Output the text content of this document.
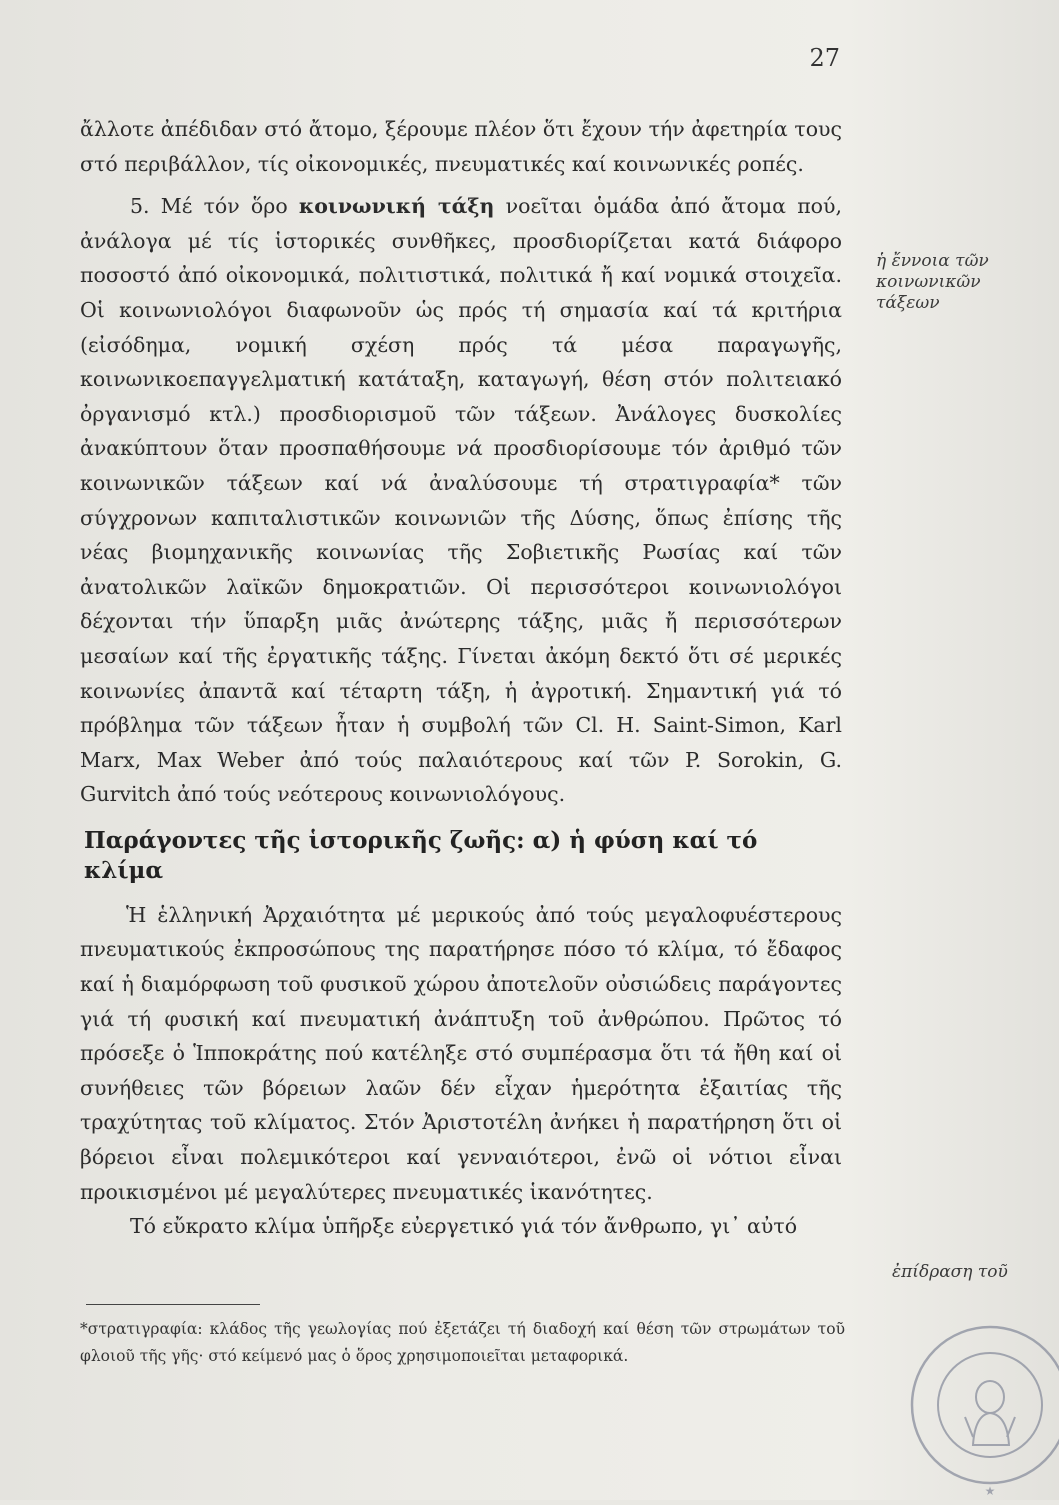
27

ἄλλοτε ἀπέδιδαν στό ἄτομο, ξέρουμε πλέον ὅτι ἔχουν τήν ἀφετηρία τους στό περιβάλλον, τίς οἰκονομικές, πνευματικές καί κοινωνικές ροπές.

5. Μέ τόν ὅρο κοινωνική τάξη νοεῖται ὁμάδα ἀπό ἄτομα πού, ἀνάλογα μέ τίς ἱστορικές συνθῆκες, προσδιορίζεται κατά διάφορο ποσοστό ἀπό οἰκονομικά, πολιτιστικά, πολιτικά ἤ καί νομικά στοιχεῖα. Οἱ κοινωνιολόγοι διαφωνοῦν ὡς πρός τή σημασία καί τά κριτήρια (εἰσόδημα, νομική σχέση πρός τά μέσα παραγωγῆς, κοινωνικοεπαγγελματική κατάταξη, καταγωγή, θέση στόν πολιτειακό ὀργανισμό κτλ.) προσδιορισμοῦ τῶν τάξεων. Ἀνάλογες δυσκολίες ἀνακύπτουν ὅταν προσπαθήσουμε νά προσδιορίσουμε τόν ἀριθμό τῶν κοινωνικῶν τάξεων καί νά ἀναλύσουμε τή στρατιγραφία* τῶν σύγχρονων καπιταλιστικῶν κοινωνιῶν τῆς Δύσης, ὅπως ἐπίσης τῆς νέας βιομηχανικῆς κοινωνίας τῆς Σοβιετικῆς Ρωσίας καί τῶν ἀνατολικῶν λαϊκῶν δημοκρατιῶν. Οἱ περισσότεροι κοινωνιολόγοι δέχονται τήν ὕπαρξη μιᾶς ἀνώτερης τάξης, μιᾶς ἤ περισσότερων μεσαίων καί τῆς ἐργατικῆς τάξης. Γίνεται ἀκόμη δεκτό ὅτι σέ μερικές κοινωνίες ἀπαντᾶ καί τέταρτη τάξη, ἡ ἀγροτική. Σημαντική γιά τό πρόβλημα τῶν τάξεων ἦταν ἡ συμβολή τῶν Cl. H. Saint-Simon, Karl Marx, Max Weber ἀπό τούς παλαιότερους καί τῶν P. Sorokin, G. Gurvitch ἀπό τούς νεότερους κοινωνιολόγους.

Παράγοντες τῆς ἱστορικῆς ζωῆς: α) ἡ φύση καί τό κλίμα

Ἡ ἑλληνική Ἀρχαιότητα μέ μερικούς ἀπό τούς μεγαλοφυέστερους πνευματικούς ἐκπροσώπους της παρατήρησε πόσο τό κλίμα, τό ἔδαφος καί ἡ διαμόρφωση τοῦ φυσικοῦ χώρου ἀποτελοῦν οὐσιώδεις παράγοντες γιά τή φυσική καί πνευματική ἀνάπτυξη τοῦ ἀνθρώπου. Πρῶτος τό πρόσεξε ὁ Ἱπποκράτης πού κατέληξε στό συμπέρασμα ὅτι τά ἤθη καί οἱ συνήθειες τῶν βόρειων λαῶν δέν εἶχαν ἡμερότητα ἐξαιτίας τῆς τραχύτητας τοῦ κλίματος. Στόν Ἀριστοτέλη ἀνήκει ἡ παρατήρηση ὅτι οἱ βόρειοι εἶναι πολεμικότεροι καί γενναιότεροι, ἐνῶ οἱ νότιοι εἶναι προικισμένοι μέ μεγαλύτερες πνευματικές ἱκανότητες.

Τό εὔκρατο κλίμα ὑπῆρξε εὐεργετικό γιά τόν ἄνθρωπο, γι᾿ αὐτό

ἡ ἔννοια τῶν κοινωνικῶν τάξεων
ἐπίδραση τοῦ
*στρατιγραφία: κλάδος τῆς γεωλογίας πού ἐξετάζει τή διαδοχή καί θέση τῶν στρωμάτων τοῦ φλοιοῦ τῆς γῆς· στό κείμενό μας ὁ ὅρος χρησιμοποιεῖται μεταφορικά.
★
